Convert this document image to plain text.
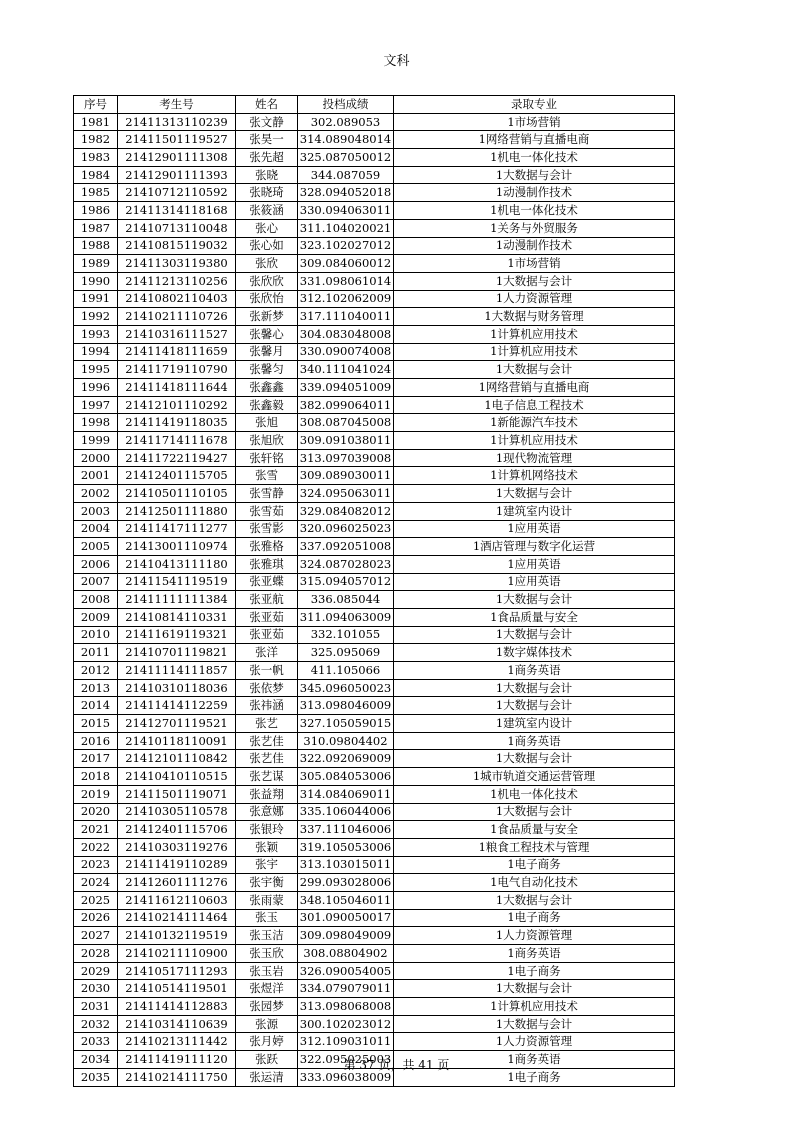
文科
序号	考生号	姓名	投档成绩	录取专业
1981	21411313110239	张文静	302.089053	1市场营销
1982	21411501119527	张昊一	314.089048014	1网络营销与直播电商
1983	21412901111308	张先超	325.087050012	1机电一体化技术
1984	21412901111393	张晓	344.087059	1大数据与会计
1985	21410712110592	张晓琦	328.094052018	1动漫制作技术
1986	21411314118168	张筱涵	330.094063011	1机电一体化技术
1987	21410713110048	张心	311.104020021	1关务与外贸服务
1988	21410815119032	张心如	323.102027012	1动漫制作技术
1989	21411303119380	张欣	309.084060012	1市场营销
1990	21411213110256	张欣欣	331.098061014	1大数据与会计
1991	21410802110403	张欣怡	312.102062009	1人力资源管理
1992	21410211110726	张新梦	317.111040011	1大数据与财务管理
1993	21410316111527	张馨心	304.083048008	1计算机应用技术
1994	21411418111659	张馨月	330.090074008	1计算机应用技术
1995	21411719110790	张馨匀	340.111041024	1大数据与会计
1996	21411418111644	张鑫鑫	339.094051009	1网络营销与直播电商
1997	21412101110292	张鑫毅	382.099064011	1电子信息工程技术
1998	21411419118035	张旭	308.087045008	1新能源汽车技术
1999	21411714111678	张旭欣	309.091038011	1计算机应用技术
2000	21411722119427	张轩铭	313.097039008	1现代物流管理
2001	21412401115705	张雪	309.089030011	1计算机网络技术
2002	21410501110105	张雪静	324.095063011	1大数据与会计
2003	21412501111880	张雪茹	329.084082012	1建筑室内设计
2004	21411417111277	张雪影	320.096025023	1应用英语
2005	21413001110974	张雅格	337.092051008	1酒店管理与数字化运营
2006	21410413111180	张雅琪	324.087028023	1应用英语
2007	21411541119519	张亚蝶	315.094057012	1应用英语
2008	21411111111384	张亚航	336.085044	1大数据与会计
2009	21410814110331	张亚茹	311.094063009	1食品质量与安全
2010	21411619119321	张亚茹	332.101055	1大数据与会计
2011	21410701119821	张洋	325.095069	1数字媒体技术
2012	21411114111857	张一帆	411.105066	1商务英语
2013	21410310118036	张依梦	345.096050023	1大数据与会计
2014	21411414112259	张祎涵	313.098046009	1大数据与会计
2015	21412701119521	张艺	327.105059015	1建筑室内设计
2016	21410118110091	张艺佳	310.09804402	1商务英语
2017	21412101110842	张艺佳	322.092069009	1大数据与会计
2018	21410410110515	张艺谋	305.084053006	1城市轨道交通运营管理
2019	21411501119071	张益翔	314.084069011	1机电一体化技术
2020	21410305110578	张意娜	335.106044006	1大数据与会计
2021	21412401115706	张银玲	337.111046006	1食品质量与安全
2022	21410303119276	张颖	319.105053006	1粮食工程技术与管理
2023	21411419110289	张宇	313.103015011	1电子商务
2024	21412601111276	张宇衡	299.093028006	1电气自动化技术
2025	21411612110603	张雨蒙	348.105046011	1大数据与会计
2026	21410214111464	张玉	301.090050017	1电子商务
2027	21410132119519	张玉洁	309.098049009	1人力资源管理
2028	21410211110900	张玉欣	308.08804902	1商务英语
2029	21410517111293	张玉岩	326.090054005	1电子商务
2030	21410514119501	张煜洋	334.079079011	1大数据与会计
2031	21411414112883	张园梦	313.098068008	1计算机应用技术
2032	21410314110639	张源	300.102023012	1大数据与会计
2033	21410213111442	张月婷	312.109031011	1人力资源管理
2034	21411419111120	张跃	322.095025003	1商务英语
2035	21410214111750	张运清	333.096038009	1电子商务
第 37 页，共 41 页
